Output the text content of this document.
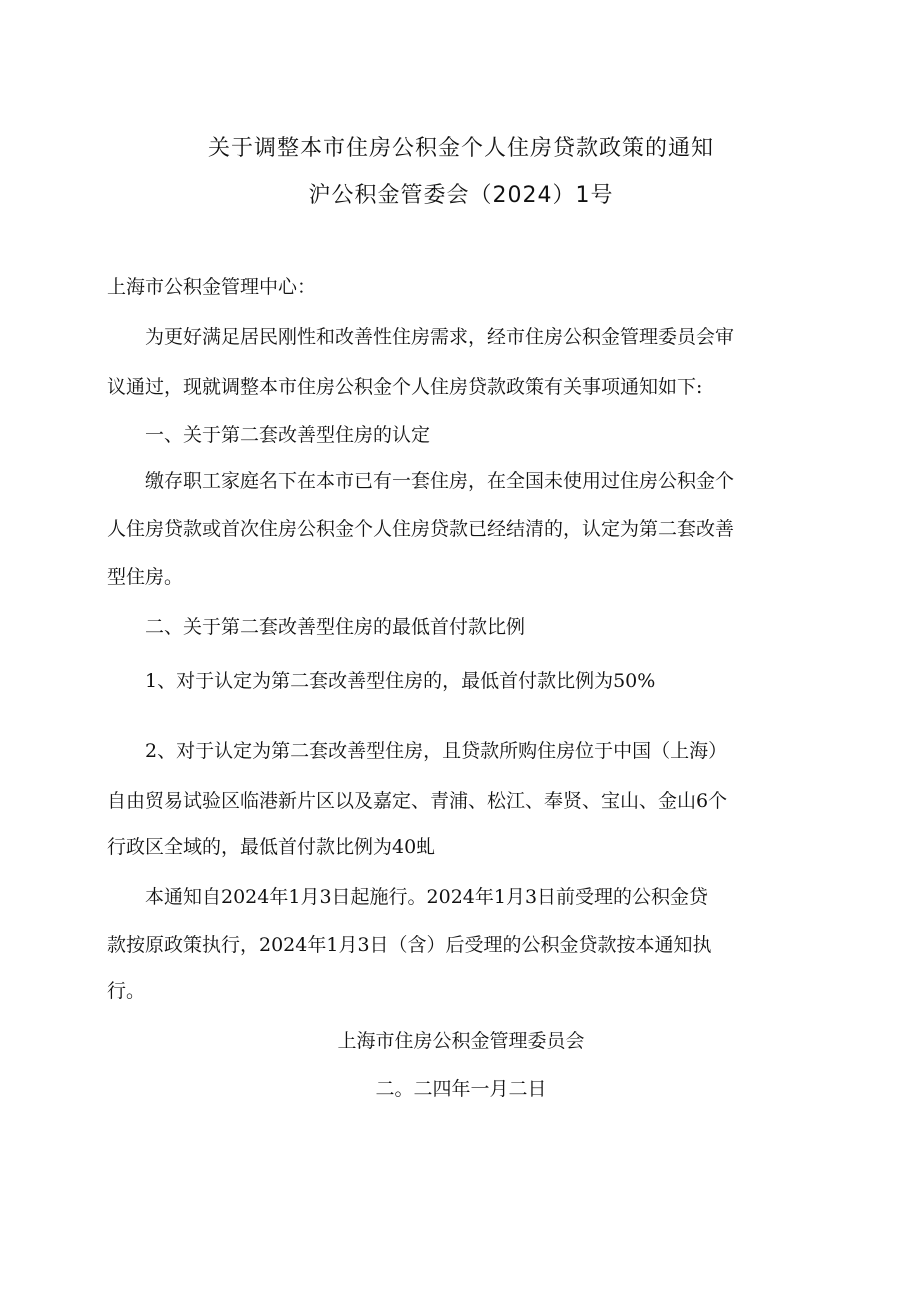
关于调整本市住房公积金个人住房贷款政策的通知
沪公积金管委会（2024）1号
上海市公积金管理中心：
为更好满足居民刚性和改善性住房需求，经市住房公积金管理委员会审
议通过，现就调整本市住房公积金个人住房贷款政策有关事项通知如下:
一、关于第二套改善型住房的认定
缴存职工家庭名下在本市已有一套住房，在全国未使用过住房公积金个
人住房贷款或首次住房公积金个人住房贷款已经结清的，认定为第二套改善
型住房。
二、关于第二套改善型住房的最低首付款比例
1、对于认定为第二套改善型住房的，最低首付款比例为50%
2、对于认定为第二套改善型住房，且贷款所购住房位于中国（上海）
自由贸易试验区临港新片区以及嘉定、青浦、松江、奉贤、宝山、金山6个
行政区全域的，最低首付款比例为40虬
本通知自2024年1月3日起施行。2024年1月3日前受理的公积金贷
款按原政策执行，2024年1月3日（含）后受理的公积金贷款按本通知执
行。
上海市住房公积金管理委员会
二。二四年一月二日
